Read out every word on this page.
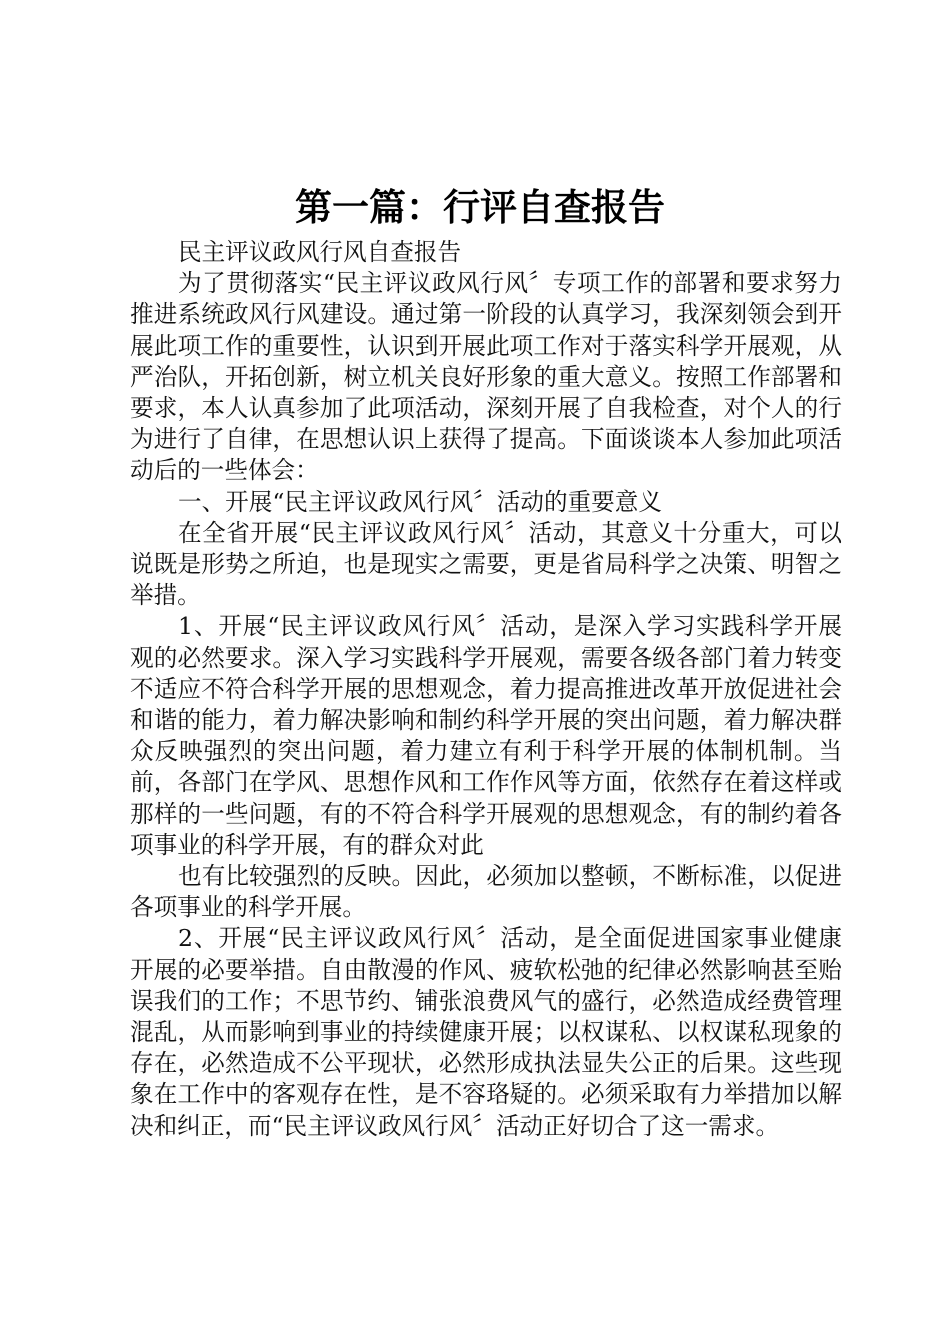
第一篇：行评自查报告

民主评议政风行风自查报告

为了贯彻落实“民主评议政风行风〞专项工作的部署和要求努力推进系统政风行风建设。通过第一阶段的认真学习，我深刻领会到开展此项工作的重要性，认识到开展此项工作对于落实科学开展观，从严治队，开拓创新，树立机关良好形象的重大意义。按照工作部署和要求，本人认真参加了此项活动，深刻开展了自我检查，对个人的行为进行了自律，在思想认识上获得了提高。下面谈谈本人参加此项活动后的一些体会：

一、开展“民主评议政风行风〞活动的重要意义

在全省开展“民主评议政风行风〞活动，其意义十分重大，可以说既是形势之所迫，也是现实之需要，更是省局科学之决策、明智之举措。

1、开展“民主评议政风行风〞活动，是深入学习实践科学开展观的必然要求。深入学习实践科学开展观，需要各级各部门着力转变不适应不符合科学开展的思想观念，着力提高推进改革开放促进社会和谐的能力，着力解决影响和制约科学开展的突出问题，着力解决群众反映强烈的突出问题，着力建立有利于科学开展的体制机制。当前，各部门在学风、思想作风和工作作风等方面，依然存在着这样或那样的一些问题，有的不符合科学开展观的思想观念，有的制约着各项事业的科学开展，有的群众对此

也有比较强烈的反映。因此，必须加以整顿，不断标准，以促进各项事业的科学开展。

2、开展“民主评议政风行风〞活动，是全面促进国家事业健康开展的必要举措。自由散漫的作风、疲软松弛的纪律必然影响甚至贻误我们的工作；不思节约、铺张浪费风气的盛行，必然造成经费管理混乱，从而影响到事业的持续健康开展；以权谋私、以权谋私现象的存在，必然造成不公平现状，必然形成执法显失公正的后果。这些现象在工作中的客观存在性，是不容珞疑的。必须采取有力举措加以解决和纠正，而“民主评议政风行风〞活动正好切合了这一需求。
